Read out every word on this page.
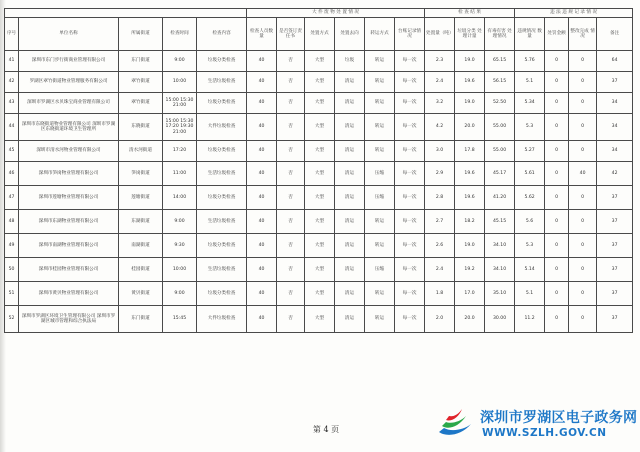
					大 件 废 物 处 置 情 况						检 查 结 果			违 法 违 规 记 录 情 况			
序号	单位名称	所属街道	检查时间	检查内容	检查人员数量	是否签订责任书	处置方式	处置去向	转运方式	台账记录情况	处置量（吨）	垃圾分类 处理计量	有毒有害 处理情况	违规情况 数量	处罚金额	整改完成 情况	备注
41	深圳市东门步行街商业管理有限公司	东门街道	9:00	垃圾分类检查	40	否	大型	垃圾	转运	每一次	2.3	19.0	65.15	5.76	0	0	64
42	罗湖区翠竹街道物业管理服务有限公司	翠竹街道	10:00	生活垃圾检查	40	否	大型	清运	转运	每一次	2.4	19.6	56.15	5.1	0	0	37
43	深圳市罗湖区水贝珠宝商业管理有限公司	翠竹街道	15:00 15:30 21:00	垃圾分类检查	40	否	大型	清运	转运	每一次	3.2	19.0	52.50	5.34	0	0	34
44	深圳市东晓街道物业管理有限公司 深圳市罗湖区东晓街道环境卫生管理所	东晓街道	15:00 15:30 17:20 19:30 21:00	大件垃圾检查	40	否	大型	清运	转运	每一次	4.2	20.0	55.00	5.3	0	0	34
45	深圳市清水河物业管理有限公司	清水河街道	17:20	垃圾分类检查	40	否	大型	清运	转运	每一次	3.0	17.8	55.00	5.27	0	0	34
46	深圳市笋岗物业管理有限公司	笋岗街道	11:00	生活垃圾检查	40	否	大型	清运	压缩	每一次	2.9	19.6	45.17	5.61	0	40	42
47	深圳市莲塘物业管理有限公司	莲塘街道	14:00	垃圾分类检查	40	否	大型	清运	压缩	每一次	2.8	19.6	41.20	5.62	0	0	37
48	深圳市东湖物业管理有限公司	东湖街道	9:00	生活垃圾检查	40	否	大型	清运	转运	每一次	2.7	18.2	45.15	5.6	0	0	37
49	深圳市南湖物业管理有限公司	南湖街道	9:30	垃圾分类检查	40	否	大型	清运	转运	每一次	2.6	19.0	34.10	5.3	0	0	37
50	深圳市桂园物业管理有限公司	桂园街道	10:00	生活垃圾检查	40	否	大型	清运	压缩	每一次	2.4	19.2	34.10	5.14	0	0	37
51	深圳市黄贝物业管理有限公司	黄贝街道	9:00	垃圾分类检查	40	否	大型	清运	转运	每一次	1.8	17.0	35.10	5.1	0	0	37
52	深圳市罗湖区环境卫生管理有限公司 深圳市罗湖区城市管理和综合执法局	东门街道	15:45	大件垃圾检查	40	否	大型	清运	转运	每一次	2.0	20.0	30.00	11.2	0	0	37
第 4 页
深圳市罗湖区电子政务网
WWW.SZLH.GOV.CN
